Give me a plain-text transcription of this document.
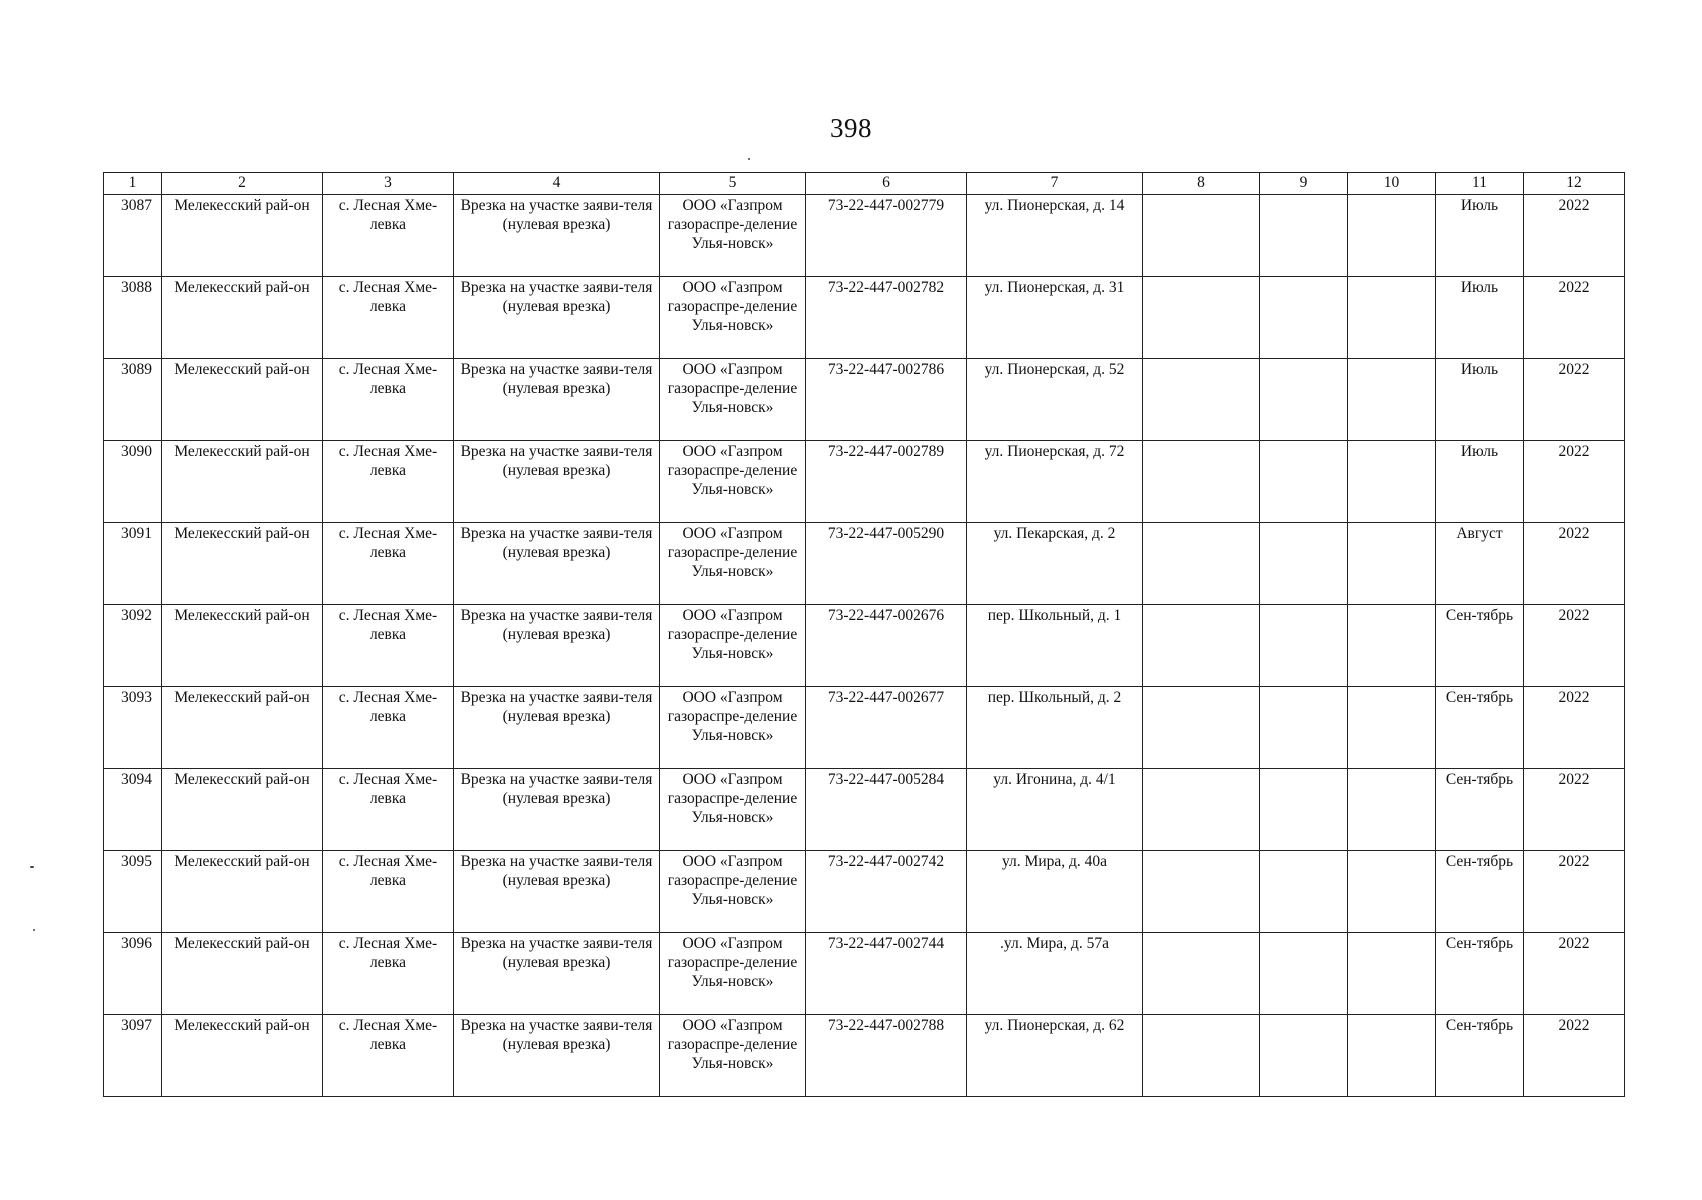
398
1	2	3	4	5	6	7	8	9	10	11	12
3087	Мелекесский рай-он	с. Лесная Хме-левка	Врезка на участке заяви-теля (нулевая врезка)	ООО «Газпром газораспре-деление Улья-новск»	73-22-447-002779	ул. Пионерская, д. 14				Июль	2022
3088	Мелекесский рай-он	с. Лесная Хме-левка	Врезка на участке заяви-теля (нулевая врезка)	ООО «Газпром газораспре-деление Улья-новск»	73-22-447-002782	ул. Пионерская, д. 31				Июль	2022
3089	Мелекесский рай-он	с. Лесная Хме-левка	Врезка на участке заяви-теля (нулевая врезка)	ООО «Газпром газораспре-деление Улья-новск»	73-22-447-002786	ул. Пионерская, д. 52				Июль	2022
3090	Мелекесский рай-он	с. Лесная Хме-левка	Врезка на участке заяви-теля (нулевая врезка)	ООО «Газпром газораспре-деление Улья-новск»	73-22-447-002789	ул. Пионерская, д. 72				Июль	2022
3091	Мелекесский рай-он	с. Лесная Хме-левка	Врезка на участке заяви-теля (нулевая врезка)	ООО «Газпром газораспре-деление Улья-новск»	73-22-447-005290	ул. Пекарская, д. 2				Август	2022
3092	Мелекесский рай-он	с. Лесная Хме-левка	Врезка на участке заяви-теля (нулевая врезка)	ООО «Газпром газораспре-деление Улья-новск»	73-22-447-002676	пер. Школьный, д. 1				Сен-тябрь	2022
3093	Мелекесский рай-он	с. Лесная Хме-левка	Врезка на участке заяви-теля (нулевая врезка)	ООО «Газпром газораспре-деление Улья-новск»	73-22-447-002677	пер. Школьный, д. 2				Сен-тябрь	2022
3094	Мелекесский рай-он	с. Лесная Хме-левка	Врезка на участке заяви-теля (нулевая врезка)	ООО «Газпром газораспре-деление Улья-новск»	73-22-447-005284	ул. Игонина, д. 4/1				Сен-тябрь	2022
3095	Мелекесский рай-он	с. Лесная Хме-левка	Врезка на участке заяви-теля (нулевая врезка)	ООО «Газпром газораспре-деление Улья-новск»	73-22-447-002742	ул. Мира, д. 40а				Сен-тябрь	2022
3096	Мелекесский рай-он	с. Лесная Хме-левка	Врезка на участке заяви-теля (нулевая врезка)	ООО «Газпром газораспре-деление Улья-новск»	73-22-447-002744	.ул. Мира, д. 57а				Сен-тябрь	2022
3097	Мелекесский рай-он	с. Лесная Хме-левка	Врезка на участке заяви-теля (нулевая врезка)	ООО «Газпром газораспре-деление Улья-новск»	73-22-447-002788	ул. Пионерская, д. 62				Сен-тябрь	2022
